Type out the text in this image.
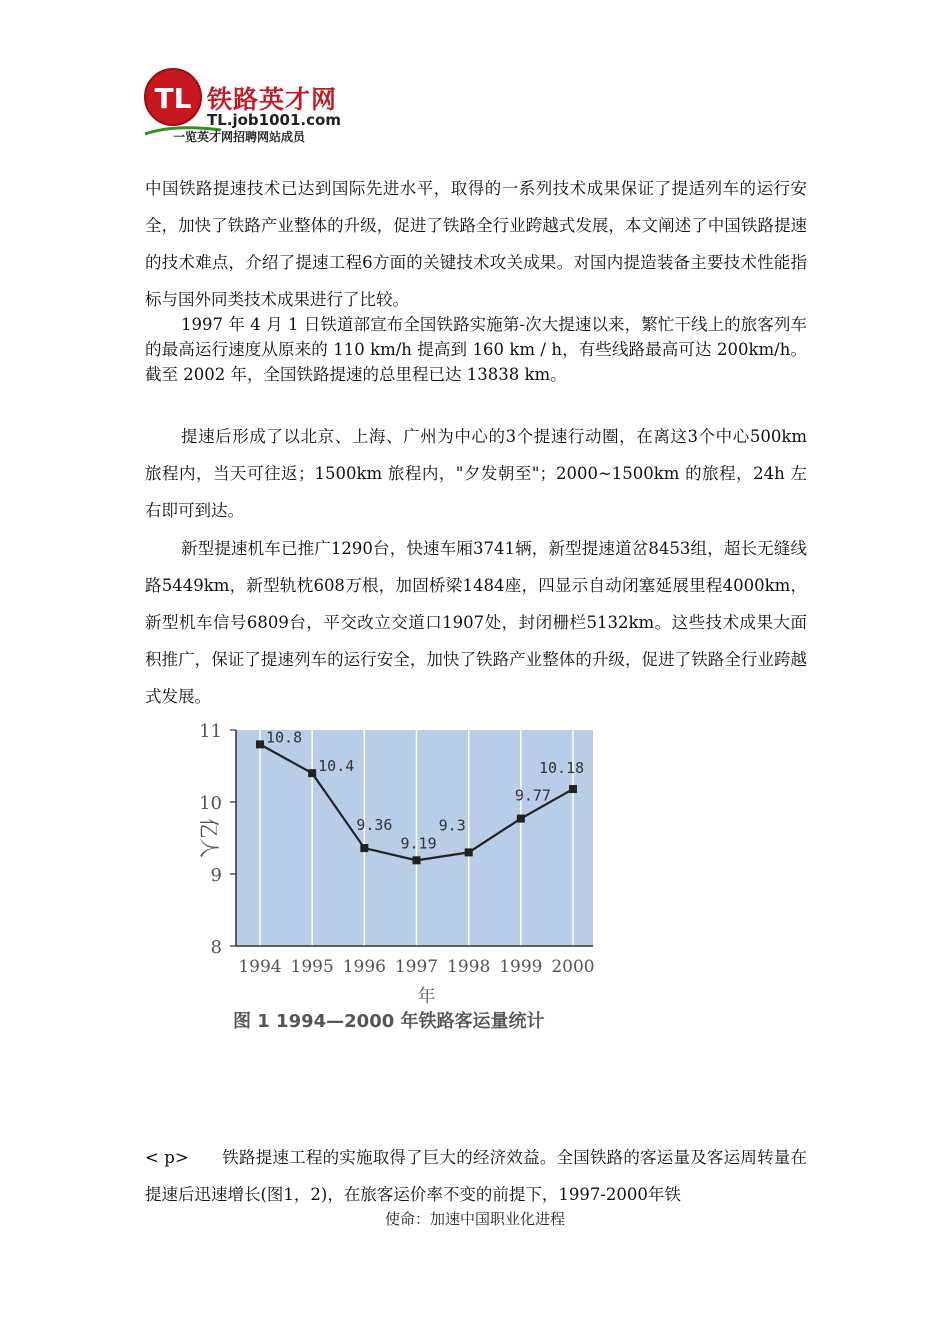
TL 铁路英才网
TL.job1001.com
一览英才网招聘网站成员

中国铁路提速技术已达到国际先进水平，取得的一系列技术成果保证了提适列车的运行安全，加快了铁路产业整体的升级，促进了铁路全行业跨越式发展，本文阐述了中国铁路提速的技术难点，介绍了提速工程6方面的关键技术攻关成果。对国内提造装备主要技术性能指标与国外同类技术成果进行了比较。

1997 年 4 月 1 日铁道部宣布全国铁路实施第-次大提速以来，繁忙干线上的旅客列车的最高运行速度从原来的 110 km/h 提高到 160 km / h，有些线路最高可达 200km/h。截至 2002 年，全国铁路提速的总里程已达 13838 km。

提速后形成了以北京、上海、广州为中心的3个提速行动圈，在离这3个中心500km 旅程内，当天可往返；1500km 旅程内，"夕发朝至"；2000~1500km 的旅程，24h 左右即可到达。

新型提速机车已推广1290台，快速车厢3741辆，新型提速道岔8453组，超长无缝线路5449km，新型轨枕608万根，加固桥梁1484座，四显示自动闭塞延展里程4000km，新型机车信号6809台，平交改立交道口1907处，封闭栅栏5132km。这些技术成果大面积推广，保证了提速列车的运行安全，加快了铁路产业整体的升级，促进了铁路全行业跨越式发展。

8
9
10
11
1994 1995 1996 1997 1998 1999 2000
10.8
10.4
9.36
9.19
9.3
9.77
10.18
年
亿人
图 1 1994—2000 年铁路客运量统计

< p>　　铁路提速工程的实施取得了巨大的经济效益。全国铁路的客运量及客运周转量在提速后迅速增长(图1，2)，在旅客运价率不变的前提下，1997-2000年铁

使命：加速中国职业化进程
